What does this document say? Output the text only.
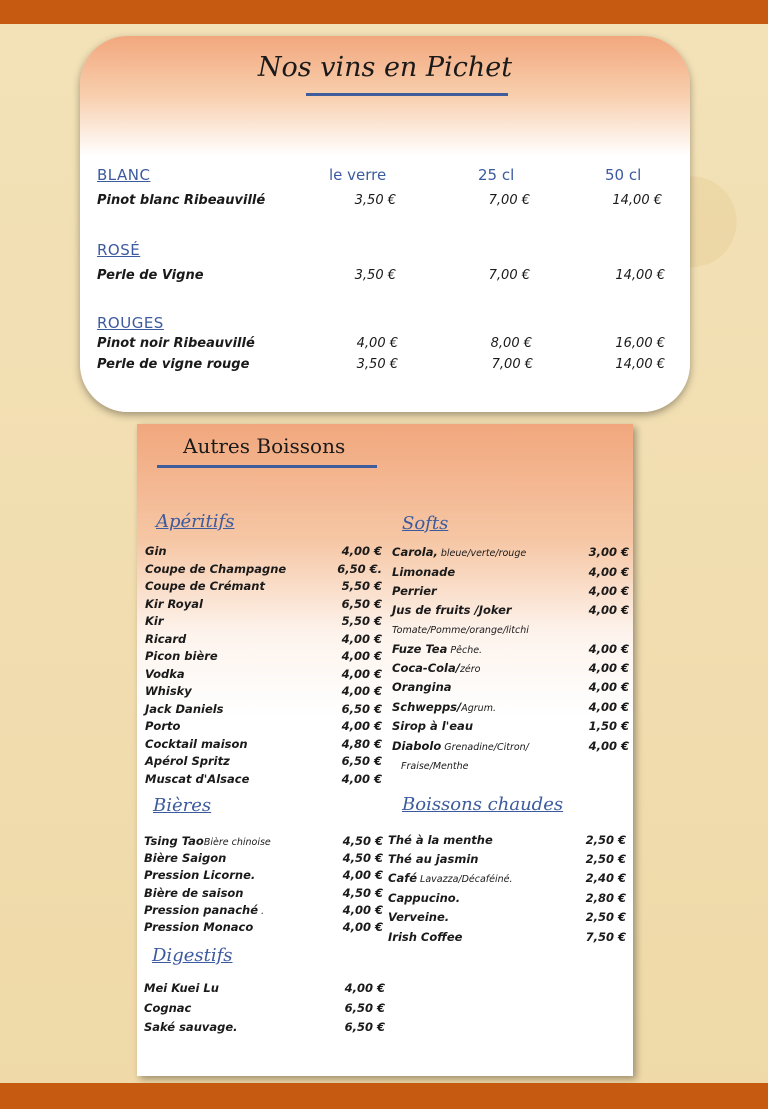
Nos vins en Pichet
BLANC	le verre	25 cl	50 cl
Pinot blanc Ribeauvillé	3,50 €	7,00 €	14,00 €
ROSÉ
Perle de Vigne	3,50 €	7,00 €	14,00 €
ROUGES
Pinot noir Ribeauvillé	4,00 €	8,00 €	16,00 €
Perle de vigne rouge	3,50 €	7,00 €	14,00 €
Autres Boissons
Apéritifs	Softs
Tomate/Pomme/orange/litchi
Fraise/Menthe
Bières	Boissons chaudes
Digestifs
Gin	4,00 €
Coupe de Champagne	6,50 €.
Coupe de Crémant	5,50 €
Kir Royal	6,50 €
Kir	5,50 €
Ricard	4,00 €
Picon bière	4,00 €
Vodka	4,00 €
Whisky	4,00 €
Jack Daniels	6,50 €
Porto	4,00 €
Cocktail maison	4,80 €
Apérol Spritz	6,50 €
Muscat d'Alsace	4,00 €
Carola, bleue/verte/rouge	3,00 €
Limonade	4,00 €
Perrier	4,00 €
Jus de fruits /Joker	4,00 €
Fuze Tea Pêche.	4,00 €
Coca-Cola/zéro	4,00 €
Orangina	4,00 €
Schwepps/Agrum.	4,00 €
Sirop à l'eau	1,50 €
Diabolo Grenadine/Citron/	4,00 €
Tsing TaoBière chinoise	4,50 €
Bière Saigon	4,50 €
Pression Licorne.	4,00 €
Bière de saison	4,50 €
Pression panaché .	4,00 €
Pression Monaco	4,00 €
Thé à la menthe	2,50 €
Thé au jasmin	2,50 €
Café Lavazza/Décaféiné.	2,40 €
Cappucino.	2,80 €
Verveine.	2,50 €
Irish Coffee	7,50 €
Mei Kuei Lu	4,00 €
Cognac	6,50 €
Saké sauvage.	6,50 €
